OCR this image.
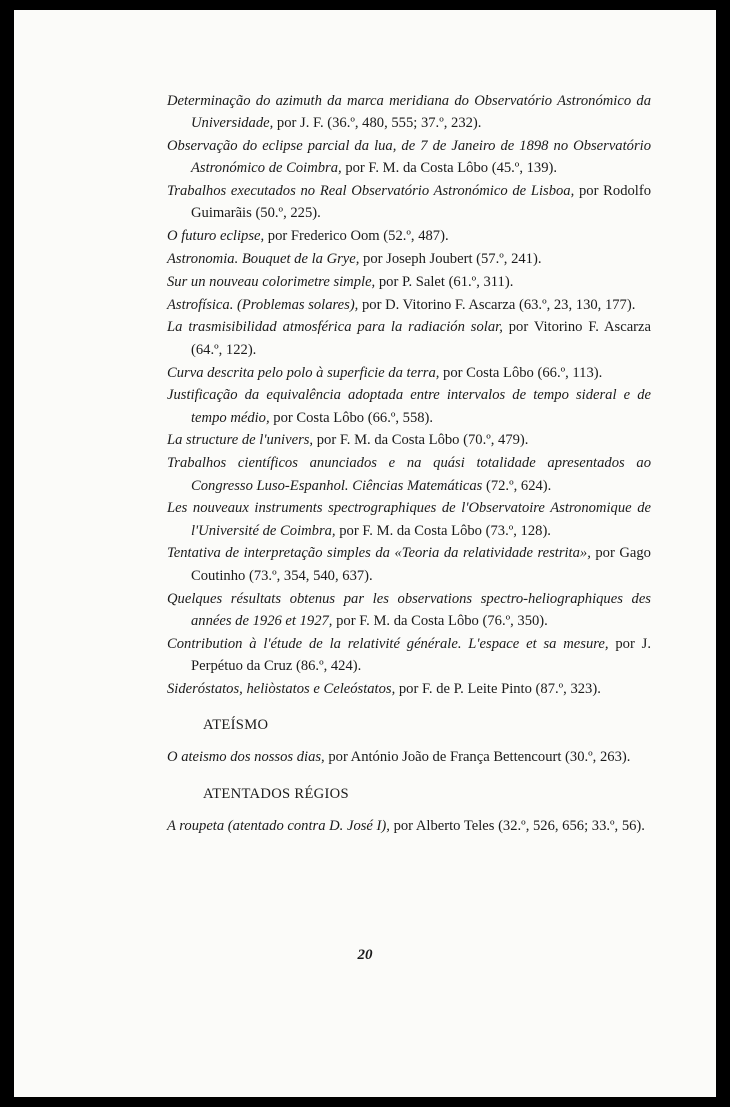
Determinação do azimuth da marca meridiana do Observatório Astronómico da Universidade, por J. F. (36.º, 480, 555; 37.º, 232).
Observação do eclipse parcial da lua, de 7 de Janeiro de 1898 no Observatório Astronómico de Coimbra, por F. M. da Costa Lôbo (45.º, 139).
Trabalhos executados no Real Observatório Astronómico de Lisboa, por Rodolfo Guimarãis (50.º, 225).
O futuro eclipse, por Frederico Oom (52.º, 487).
Astronomia. Bouquet de la Grye, por Joseph Joubert (57.º, 241).
Sur un nouveau colorimetre simple, por P. Salet (61.º, 311).
Astrofísica. (Problemas solares), por D. Vitorino F. Ascarza (63.º, 23, 130, 177).
La trasmisibilidad atmosférica para la radiación solar, por Vitorino F. Ascarza (64.º, 122).
Curva descrita pelo polo à superficie da terra, por Costa Lôbo (66.º, 113).
Justificação da equivalência adoptada entre intervalos de tempo sideral e de tempo médio, por Costa Lôbo (66.º, 558).
La structure de l'univers, por F. M. da Costa Lôbo (70.º, 479).
Trabalhos científicos anunciados e na quási totalidade apresentados ao Congresso Luso-Espanhol. Ciências Matemáticas (72.º, 624).
Les nouveaux instruments spectrographiques de l'Observatoire Astronomique de l'Université de Coimbra, por F. M. da Costa Lôbo (73.º, 128).
Tentativa de interpretação simples da «Teoria da relatividade restrita», por Gago Coutinho (73.º, 354, 540, 637).
Quelques résultats obtenus par les observations spectro-heliographiques des années de 1926 et 1927, por F. M. da Costa Lôbo (76.º, 350).
Contribution à l'étude de la relativité générale. L'espace et sa mesure, por J. Perpétuo da Cruz (86.º, 424).
Sideróstatos, heliòstatos e Celeóstatos, por F. de P. Leite Pinto (87.º, 323).
ATEÍSMO
O ateismo dos nossos dias, por António João de França Bettencourt (30.º, 263).
ATENTADOS RÉGIOS
A roupeta (atentado contra D. José I), por Alberto Teles (32.º, 526, 656; 33.º, 56).
20
